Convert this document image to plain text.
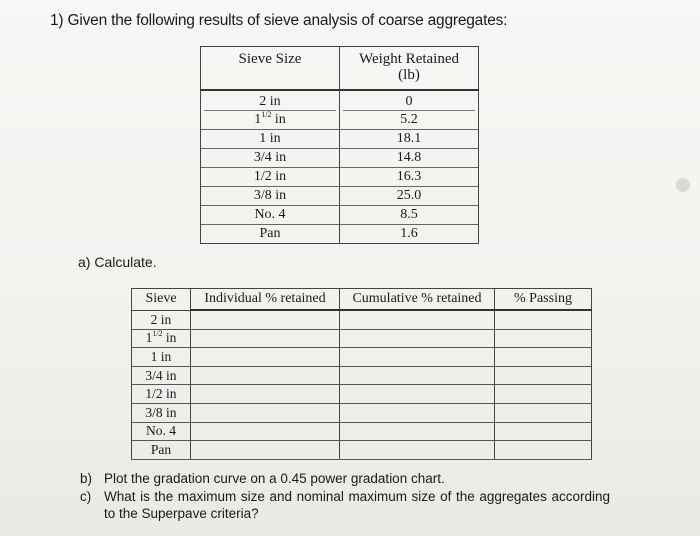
1) Given the following results of sieve analysis of coarse aggregates:
Sieve Size	Weight Retained
(lb)

2 in	0

$1^{1/2}$ in	5.2
1 in	18.1
3/4 in	14.8
1/2 in	16.3
3/8 in	25.0
No. 4	8.5
Pan	1.6
a) Calculate.
Sieve	Individual % retained	Cumulative % retained	% Passing
2 in			
$1^{1/2}$ in			
1 in			
3/4 in			
1/2 in			
3/8 in			
No. 4			
Pan			
b) Plot the gradation curve on a 0.45 power gradation chart.
c) What is the maximum size and nominal maximum size of the aggregates according to the Superpave criteria?
